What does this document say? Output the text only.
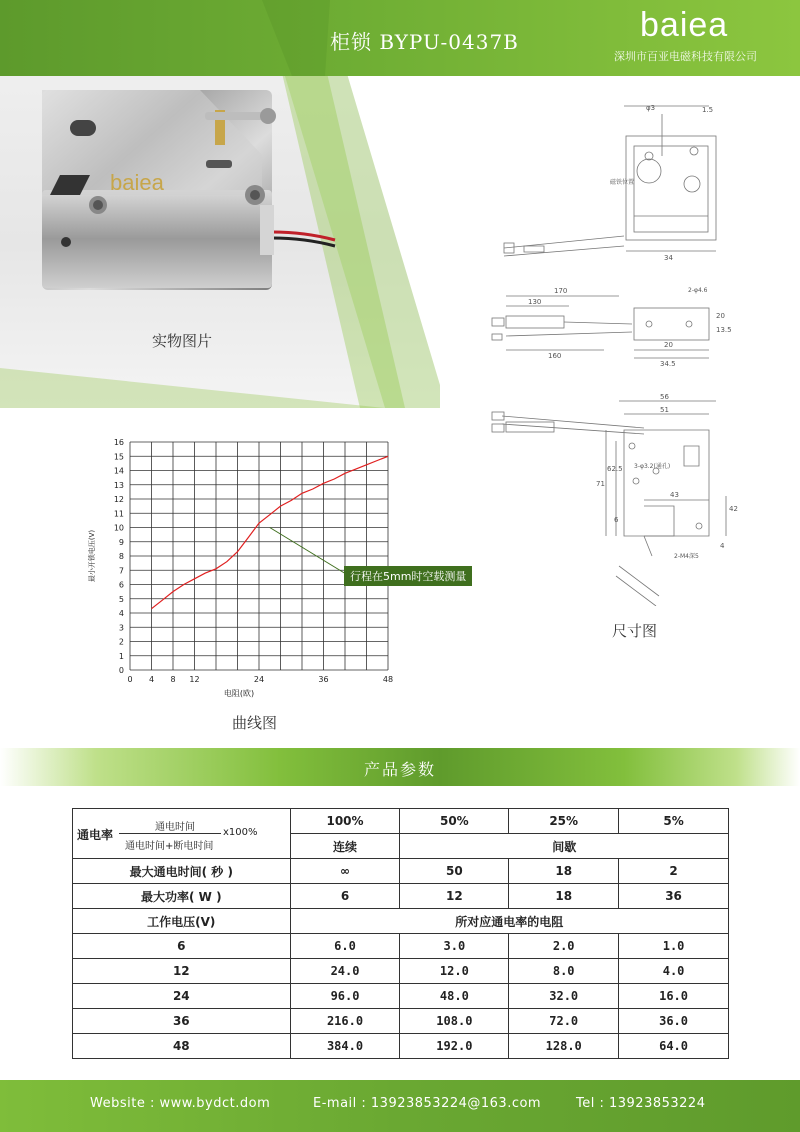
baiea
实物图片
柜锁 BYPU-0437B	baiea
深圳市百亚电磁科技有限公司
φ3	1.5
34
磁铁位置
170
130
160
20
34.5
20
13.5
2-φ4.6
56
51
71
62.5
42
43
6
4
3-φ3.2(通孔)
2-M4深5
尺寸图
0
1
2
3
4
5
6
7
8
9
10
11
12
13
14
15
16
0 4 8 12	24	36	48
电阻(欧)
最小开锁电压(V)	行程在5mm时空载测量
曲线图
产品参数
通电率
通电时间
通电时间+断电时间
x100%	100%	50%	25%	5%
	连续	间歇		
最大通电时间( 秒 )	∞	50	18	2
最大功率( W )	6	12	18	36
工作电压(V)	所对应通电率的电阻			
6	6.0	3.0	2.0	1.0
12	24.0	12.0	8.0	4.0
24	96.0	48.0	32.0	16.0
36	216.0	108.0	72.0	36.0
48	384.0	192.0	128.0	64.0
Website : www.bydct.dom	E-mail : 13923853224@163.com	Tel : 13923853224
